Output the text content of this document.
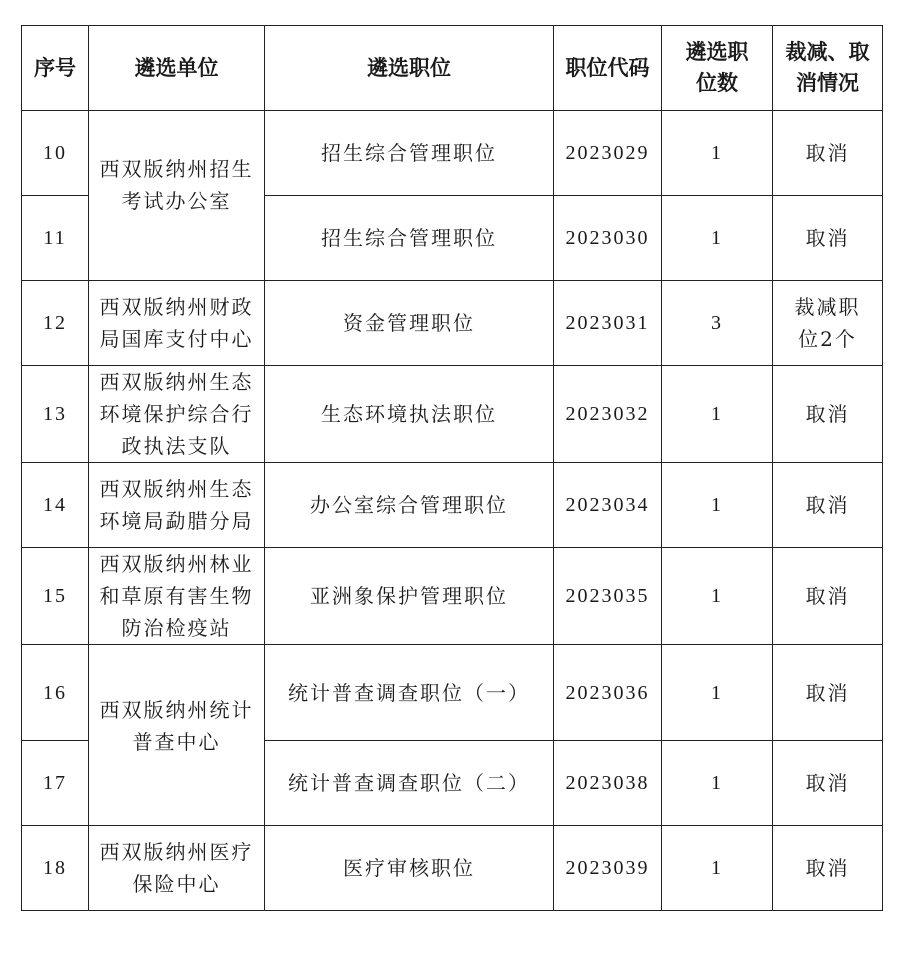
序号	遴选单位	遴选职位	职位代码	遴选职位数	裁减、取消情况
10	西双版纳州招生考试办公室	招生综合管理职位	2023029	1	取消
11		招生综合管理职位	2023030	1	取消
12	西双版纳州财政局国库支付中心	资金管理职位	2023031	3	裁减职位2个
13	西双版纳州生态环境保护综合行政执法支队	生态环境执法职位	2023032	1	取消
14	西双版纳州生态环境局勐腊分局	办公室综合管理职位	2023034	1	取消
15	西双版纳州林业和草原有害生物防治检疫站	亚洲象保护管理职位	2023035	1	取消
16	西双版纳州统计普查中心	统计普查调查职位（一）	2023036	1	取消
17		统计普查调查职位（二）	2023038	1	取消
18	西双版纳州医疗保险中心	医疗审核职位	2023039	1	取消
